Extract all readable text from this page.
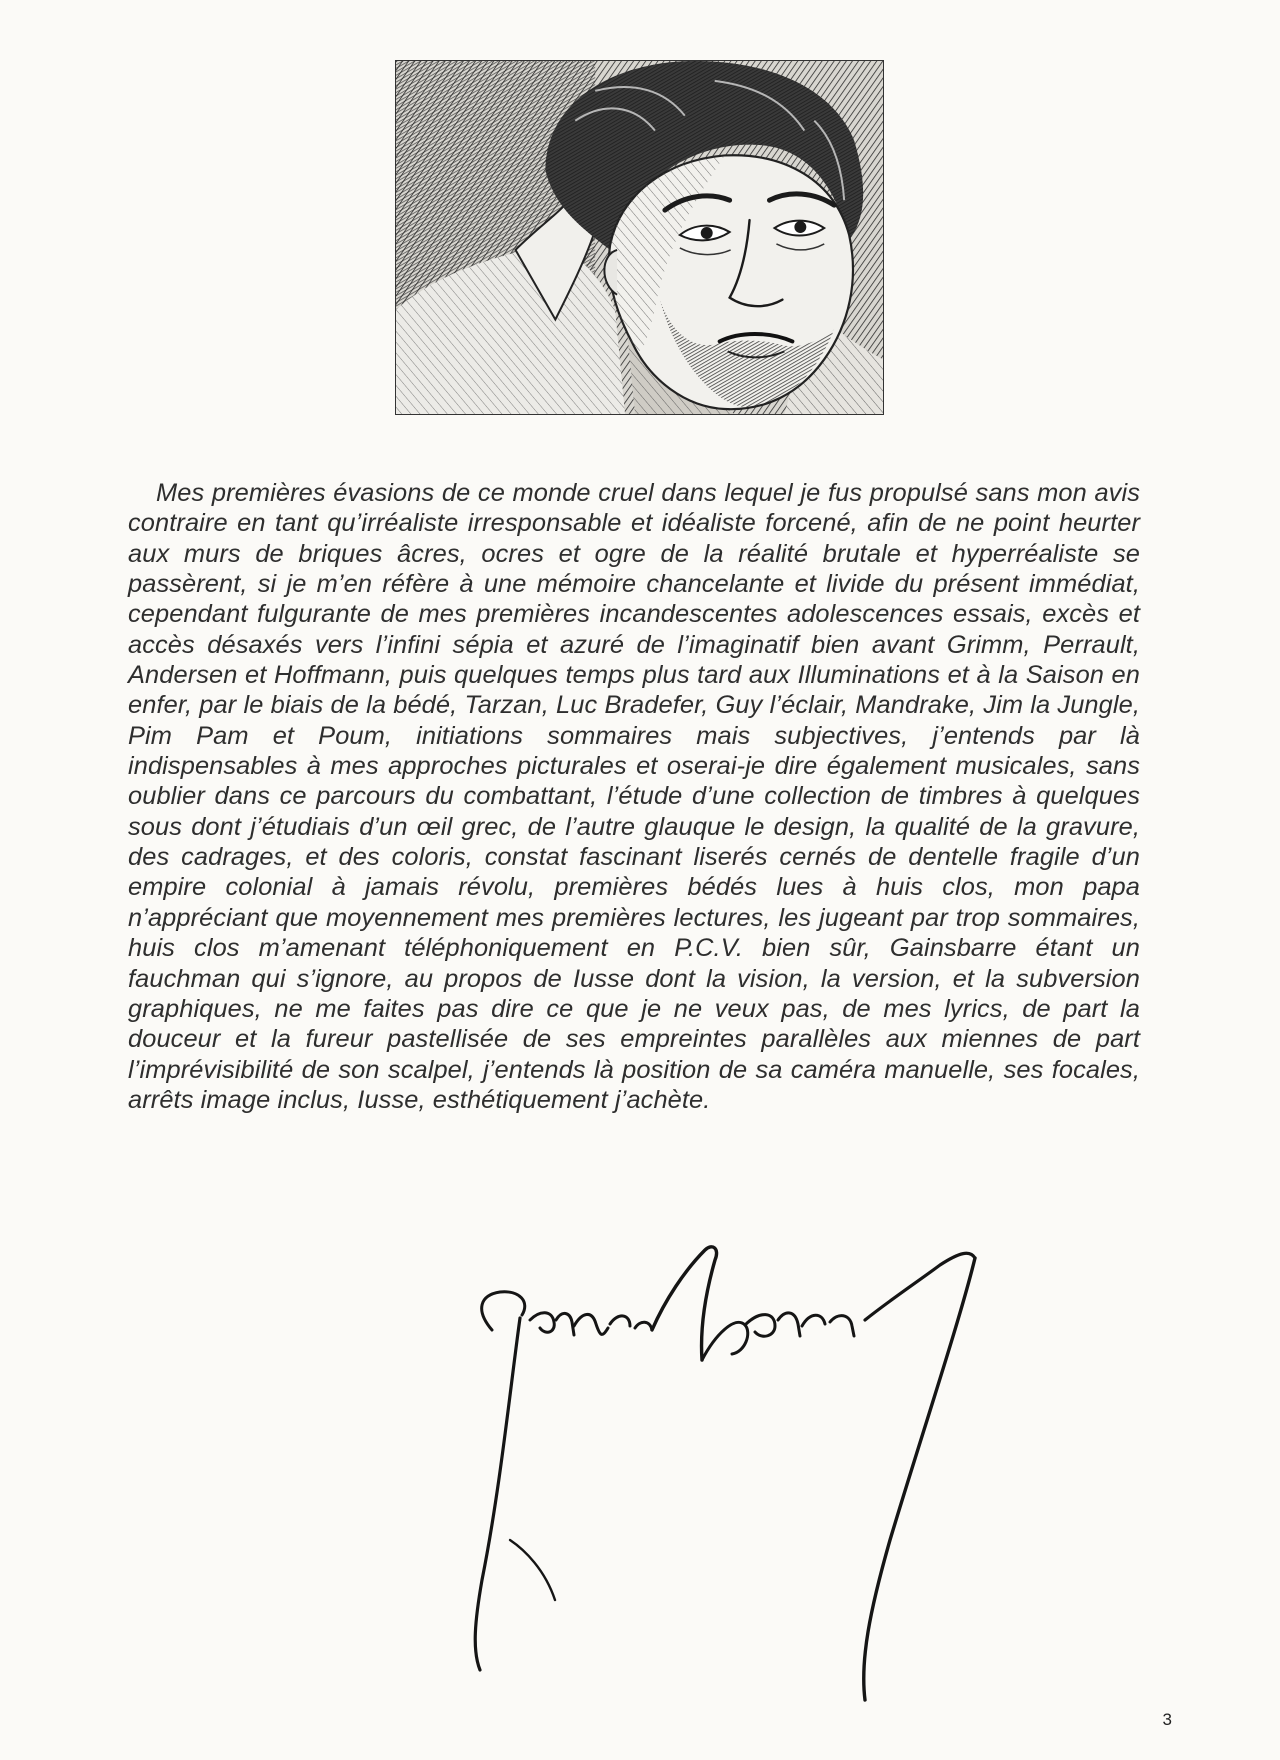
Mes premières évasions de ce monde cruel dans lequel je fus propulsé sans mon avis contraire en tant qu’irréaliste irresponsable et idéaliste forcené, afin de ne point heurter aux murs de briques âcres, ocres et ogre de la réalité brutale et hyperréaliste se passèrent, si je m’en réfère à une mémoire chancelante et livide du présent immédiat, cependant fulgurante de mes premières incandescentes adolescences essais, excès et accès désaxés vers l’infini sépia et azuré de l’imaginatif bien avant Grimm, Perrault, Andersen et Hoffmann, puis quelques temps plus tard aux Illuminations et à la Saison en enfer, par le biais de la bédé, Tarzan, Luc Bradefer, Guy l’éclair, Mandrake, Jim la Jungle, Pim Pam et Poum, initiations sommaires mais subjectives, j’entends par là indispensables à mes approches picturales et oserai-je dire également musicales, sans oublier dans ce parcours du combattant, l’étude d’une collection de timbres à quelques sous dont j’étudiais d’un œil grec, de l’autre glauque le design, la qualité de la gravure, des cadrages, et des coloris, constat fascinant liserés cernés de dentelle fragile d’un empire colonial à jamais révolu, premières bédés lues à huis clos, mon papa n’appréciant que moyennement mes premières lectures, les jugeant par trop sommaires, huis clos m’amenant téléphoniquement en P.C.V. bien sûr, Gainsbarre étant un fauchman qui s’ignore, au propos de Iusse dont la vision, la version, et la subversion graphiques, ne me faites pas dire ce que je ne veux pas, de mes lyrics, de part la douceur et la fureur pastellisée de ses empreintes parallèles aux miennes de part l’imprévisibilité de son scalpel, j’entends là position de sa caméra manuelle, ses focales, arrêts image inclus, Iusse, esthétiquement j’achète.

3
